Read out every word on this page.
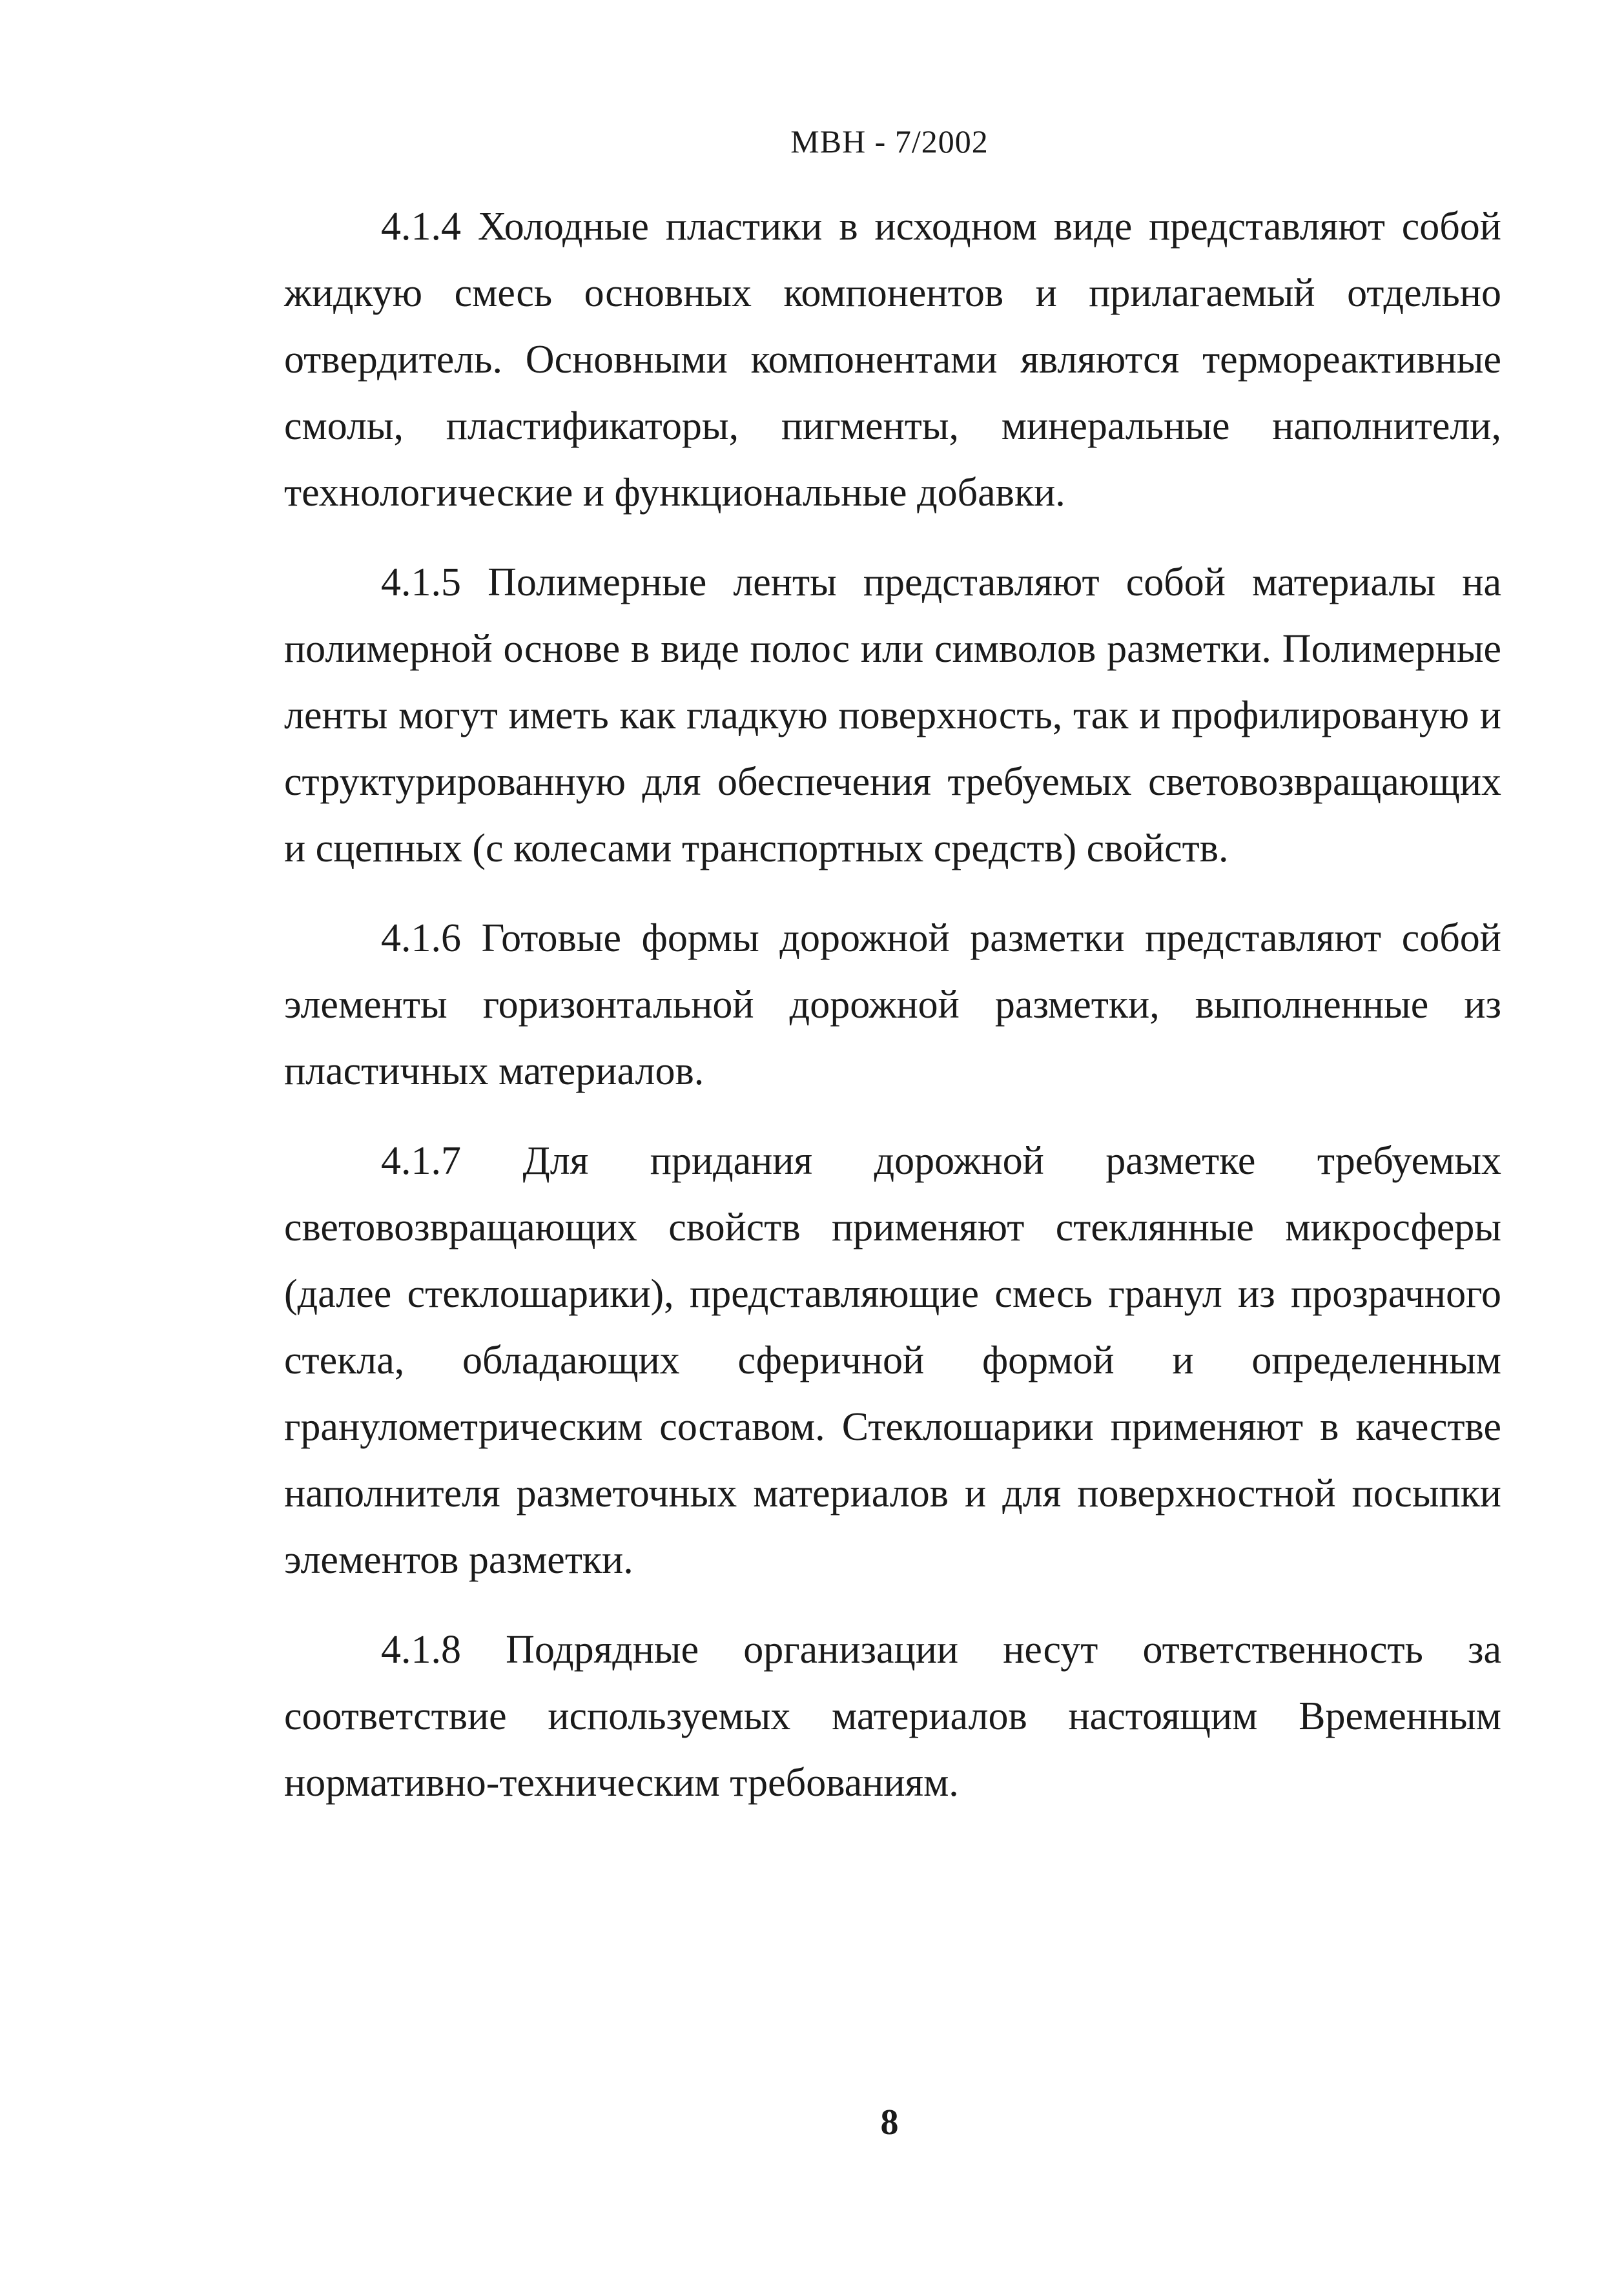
МВН - 7/2002

4.1.4 Холодные пластики в исходном виде представляют собой жидкую смесь основных компонентов и прилагаемый отдельно отвердитель. Основными компонентами являются термореактивные смолы, пластификаторы, пигменты, минеральные наполнители, технологические и функциональные добавки.

4.1.5 Полимерные ленты представляют собой материалы на полимерной основе в виде полос или символов разметки. Полимерные ленты могут иметь как гладкую поверхность, так и профилированую и структурированную для обеспечения требуемых световозвращающих и сцепных (с колесами транспортных средств) свойств.

4.1.6 Готовые формы дорожной разметки представляют собой элементы горизонтальной дорожной разметки, выполненные из пластичных материалов.

4.1.7 Для придания дорожной разметке требуемых световозвращающих свойств применяют стеклянные микросферы (далее стеклошарики), представляющие смесь гранул из прозрачного стекла, обладающих сферичной формой и определенным гранулометрическим составом. Стеклошарики применяют в качестве наполнителя разметочных материалов и для поверхностной посыпки элементов разметки.

4.1.8 Подрядные организации несут ответственность за соответствие используемых материалов настоящим Временным нормативно-техническим требованиям.

8
